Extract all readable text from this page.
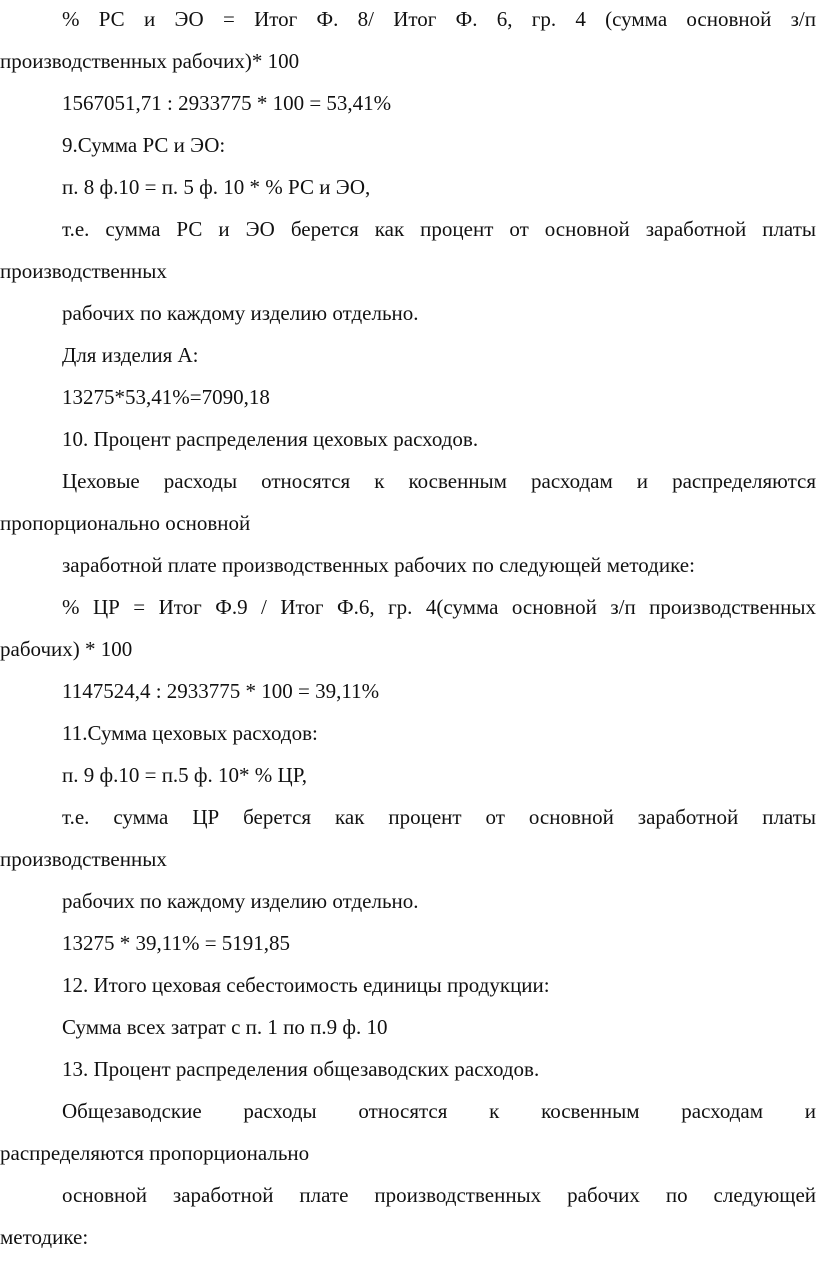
% РС и ЭО = Итог Ф. 8/ Итог Ф. 6, гр. 4 (сумма основной з/п
производственных рабочих)* 100
1567051,71 : 2933775 * 100 = 53,41%
9.Сумма РС и ЭО:
п. 8 ф.10 = п. 5 ф. 10 * % РС и ЭО,
т.е. сумма РС и ЭО берется как процент от основной заработной платы
производственных
рабочих по каждому изделию отдельно.
Для изделия А:
13275*53,41%=7090,18
10. Процент распределения цеховых расходов.
Цеховые расходы относятся к косвенным расходам и распределяются
пропорционально основной
заработной плате производственных рабочих по следующей методике:
% ЦР = Итог Ф.9 / Итог Ф.6, гр. 4(сумма основной з/п производственных
рабочих) * 100
1147524,4 : 2933775 * 100 = 39,11%
11.Сумма цеховых расходов:
п. 9 ф.10 = п.5 ф. 10* % ЦР,
т.е. сумма ЦР берется как процент от основной заработной платы
производственных
рабочих по каждому изделию отдельно.
13275 * 39,11% = 5191,85
12. Итого цеховая себестоимость единицы продукции:
Сумма всех затрат с п. 1 по п.9 ф. 10
13. Процент распределения общезаводских расходов.
Общезаводские расходы относятся к косвенным расходам и
распределяются пропорционально
основной заработной плате производственных рабочих по следующей
методике:
